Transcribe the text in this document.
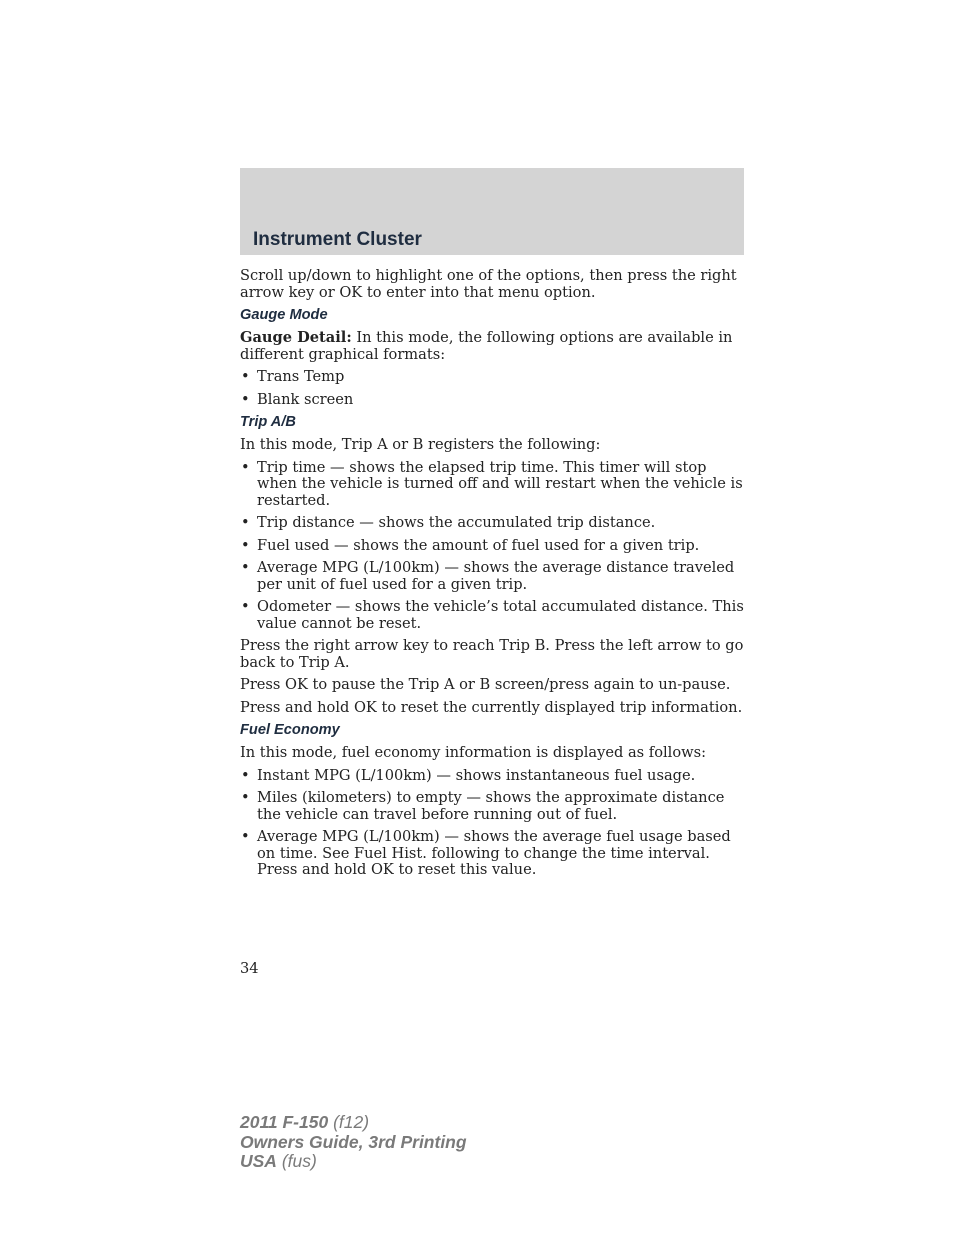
Instrument Cluster

Scroll up/down to highlight one of the options, then press the right arrow key or OK to enter into that menu option.

Gauge Mode

Gauge Detail: In this mode, the following options are available in different graphical formats:

• Trans Temp
• Blank screen
Trip A/B

In this mode, Trip A or B registers the following:

• Trip time — shows the elapsed trip time. This timer will stop when the vehicle is turned off and will restart when the vehicle is restarted.
• Trip distance — shows the accumulated trip distance.
• Fuel used — shows the amount of fuel used for a given trip.
• Average MPG (L/100km) — shows the average distance traveled per unit of fuel used for a given trip.
• Odometer — shows the vehicle’s total accumulated distance. This value cannot be reset.

Press the right arrow key to reach Trip B. Press the left arrow to go back to Trip A.

Press OK to pause the Trip A or B screen/press again to un-pause.

Press and hold OK to reset the currently displayed trip information.

Fuel Economy

In this mode, fuel economy information is displayed as follows:

• Instant MPG (L/100km) — shows instantaneous fuel usage.
• Miles (kilometers) to empty — shows the approximate distance the vehicle can travel before running out of fuel.
• Average MPG (L/100km) — shows the average fuel usage based on time. See Fuel Hist. following to change the time interval. Press and hold OK to reset this value.
34
2011 F-150 (f12)
Owners Guide, 3rd Printing
USA (fus)
